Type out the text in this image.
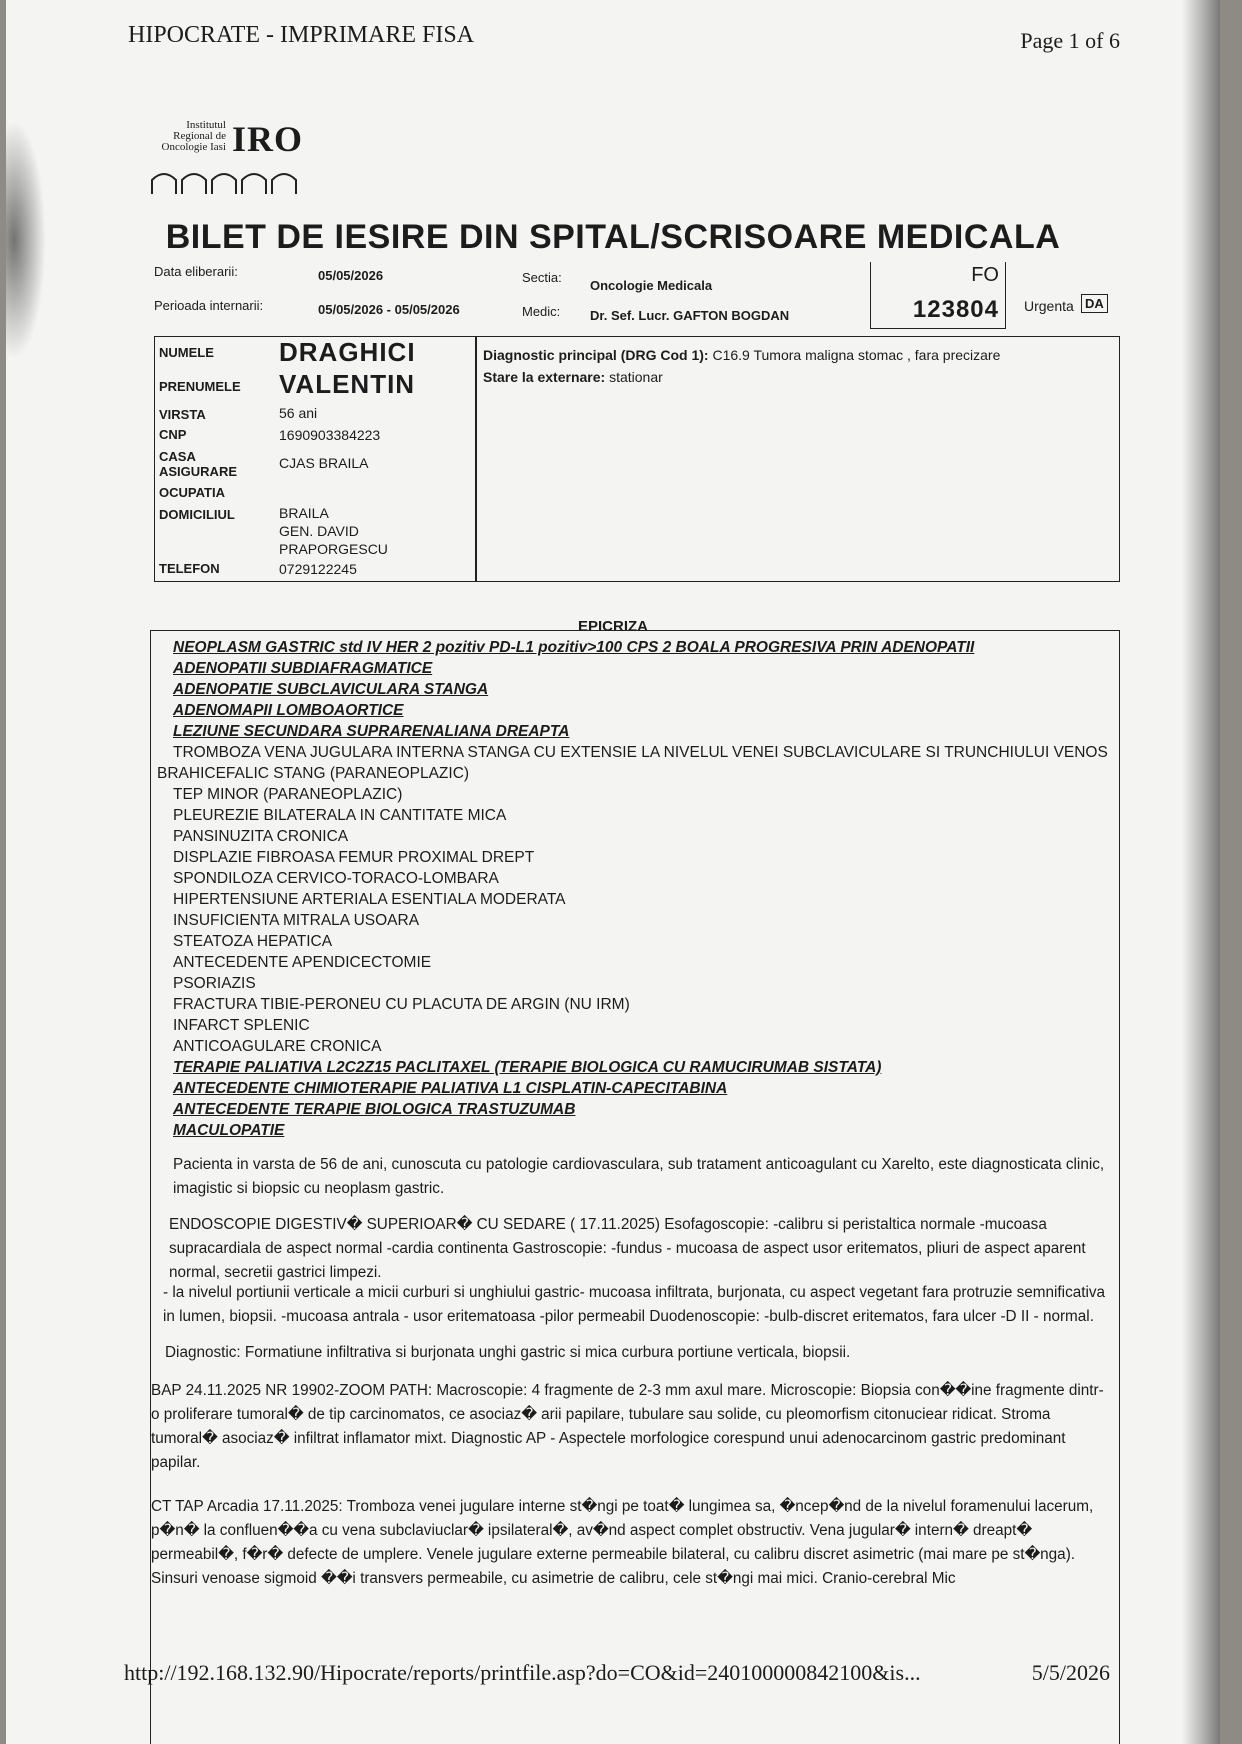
HIPOCRATE - IMPRIMARE FISA	Page 1 of 6
Institutul
Regional de
Oncologie Iasi IRO
BILET DE IESIRE DIN SPITAL/SCRISOARE MEDICALA
Data eliberarii:	05/05/2026
Perioada internarii:	05/05/2026 - 05/05/2026
Sectia:
Oncologie Medicala
Medic: Dr. Sef. Lucr. GAFTON BOGDAN
FO
123804 Urgenta DA
NUMELE	DRAGHICI
PRENUMELE VALENTIN
VIRSTA	56 ani
CNP	1690903384223
CASA
ASIGURARE
CJAS BRAILA
OCUPATIA
DOMICILIUL	BRAILA
GEN. DAVID
PRAPORGESCU
TELEFON	0729122245
Diagnostic principal (DRG Cod 1): C16.9 Tumora maligna stomac , fara precizare
Stare la externare: stationar
EPICRIZA
NEOPLASM GASTRIC std IV HER 2 pozitiv PD-L1 pozitiv>100 CPS 2 BOALA PROGRESIVA PRIN ADENOPATII
ADENOPATII SUBDIAFRAGMATICE
ADENOPATIE SUBCLAVICULARA STANGA
ADENOMAPII LOMBOAORTICE
LEZIUNE SECUNDARA SUPRARENALIANA DREAPTA
TROMBOZA VENA JUGULARA INTERNA STANGA CU EXTENSIE LA NIVELUL VENEI SUBCLAVICULARE SI TRUNCHIULUI VENOS
BRAHICEFALIC STANG (PARANEOPLAZIC)
TEP MINOR (PARANEOPLAZIC)
PLEUREZIE BILATERALA IN CANTITATE MICA
PANSINUZITA CRONICA
DISPLAZIE FIBROASA FEMUR PROXIMAL DREPT
SPONDILOZA CERVICO-TORACO-LOMBARA
HIPERTENSIUNE ARTERIALA ESENTIALA MODERATA
INSUFICIENTA MITRALA USOARA
STEATOZA HEPATICA
ANTECEDENTE APENDICECTOMIE
PSORIAZIS
FRACTURA TIBIE-PERONEU CU PLACUTA DE ARGIN (NU IRM)
INFARCT SPLENIC
ANTICOAGULARE CRONICA
TERAPIE PALIATIVA L2C2Z15 PACLITAXEL (TERAPIE BIOLOGICA CU RAMUCIRUMAB SISTATA)
ANTECEDENTE CHIMIOTERAPIE PALIATIVA L1 CISPLATIN-CAPECITABINA
ANTECEDENTE TERAPIE BIOLOGICA TRASTUZUMAB
MACULOPATIE
Pacienta in varsta de 56 de ani, cunoscuta cu patologie cardiovasculara, sub tratament anticoagulant cu Xarelto, este diagnosticata clinic, imagistic si biopsic cu neoplasm gastric.
ENDOSCOPIE DIGESTIV� SUPERIOAR� CU SEDARE ( 17.11.2025) Esofagoscopie: -calibru si peristaltica normale -mucoasa supracardiala de aspect normal -cardia continenta Gastroscopie: -fundus - mucoasa de aspect usor eritematos, pliuri de aspect aparent normal, secretii gastrici limpezi.
- la nivelul portiunii verticale a micii curburi si unghiului gastric- mucoasa infiltrata, burjonata, cu aspect vegetant fara protruzie semnificativa in lumen, biopsii. -mucoasa antrala - usor eritematoasa -pilor permeabil Duodenoscopie: -bulb-discret eritematos, fara ulcer -D II - normal.
Diagnostic: Formatiune infiltrativa si burjonata unghi gastric si mica curbura portiune verticala, biopsii.
BAP 24.11.2025 NR 19902-ZOOM PATH: Macroscopie: 4 fragmente de 2-3 mm axul mare. Microscopie: Biopsia con��ine fragmente dintr-o proliferare tumoral� de tip carcinomatos, ce asociaz� arii papilare, tubulare sau solide, cu pleomorfism citonuciear ridicat. Stroma tumoral� asociaz� infiltrat inflamator mixt. Diagnostic AP - Aspectele morfologice corespund unui adenocarcinom gastric predominant papilar.
CT TAP Arcadia 17.11.2025: Tromboza venei jugulare interne st�ngi pe toat� lungimea sa, �ncep�nd de la nivelul foramenului lacerum, p�n� la confluen��a cu vena subclaviuclar� ipsilateral�, av�nd aspect complet obstructiv. Vena jugular� intern� dreapt� permeabil�, f�r� defecte de umplere. Venele jugulare externe permeabile bilateral, cu calibru discret asimetric (mai mare pe st�nga). Sinsuri venoase sigmoid ��i transvers permeabile, cu asimetrie de calibru, cele st�ngi mai mici. Cranio-cerebral Mic
http://192.168.132.90/Hipocrate/reports/printfile.asp?do=CO&id=240100000842100&is...	5/5/2026
